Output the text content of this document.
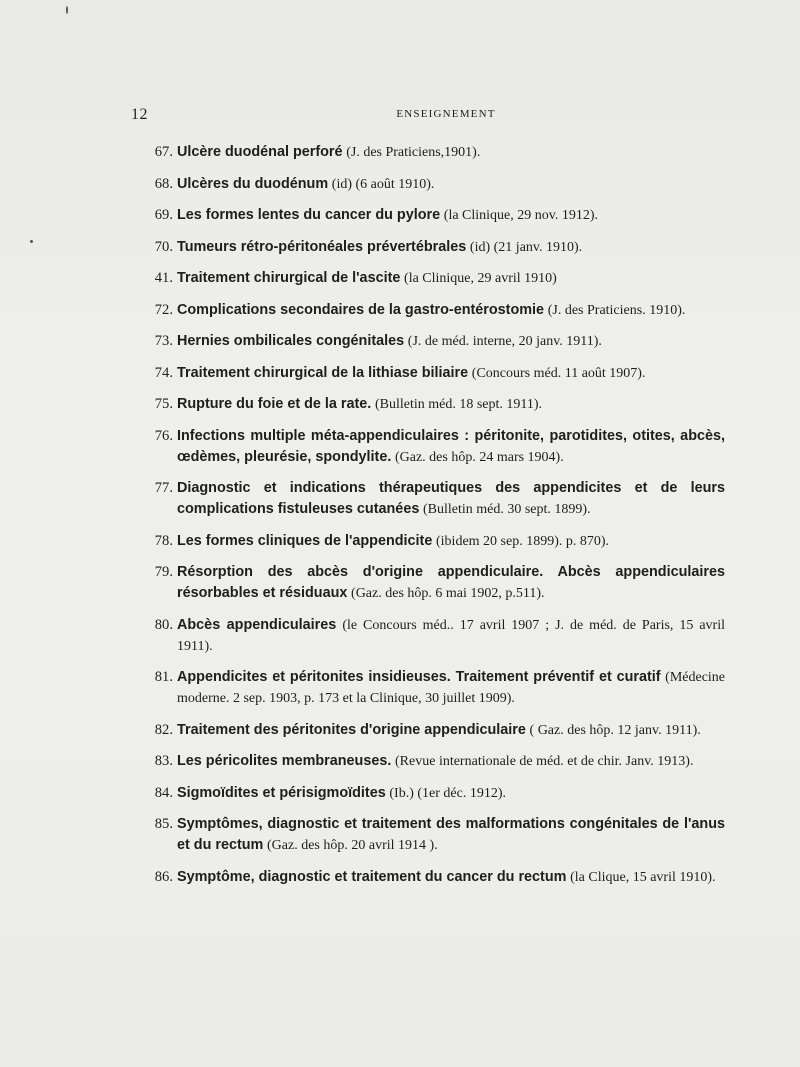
12	ENSEIGNEMENT
67. Ulcère duodénal perforé (J. des Praticiens,1901).
68. Ulcères du duodénum (id) (6 août 1910).
69. Les formes lentes du cancer du pylore (la Clinique, 29 nov. 1912).
70. Tumeurs rétro-péritonéales prévertébrales (id) (21 janv. 1910).
41. Traitement chirurgical de l'ascite (la Clinique, 29 avril 1910)
72. Complications secondaires de la gastro-entérostomie (J. des Praticiens. 1910).
73. Hernies ombilicales congénitales (J. de méd. interne, 20 janv. 1911).
74. Traitement chirurgical de la lithiase biliaire (Concours méd. 11 août 1907).
75. Rupture du foie et de la rate. (Bulletin méd. 18 sept. 1911).
76. Infections multiple méta-appendiculaires : péritonite, parotidites, otites, abcès, œdèmes, pleurésie, spondylite. (Gaz. des hôp. 24 mars 1904).
77. Diagnostic et indications thérapeutiques des appendicites et de leurs complications fistuleuses cutanées (Bulletin méd. 30 sept. 1899).
78. Les formes cliniques de l'appendicite (ibidem 20 sep. 1899). p. 870).
79. Résorption des abcès d'origine appendiculaire. Abcès appendiculaires résorbables et résiduaux (Gaz. des hôp. 6 mai 1902, p.511).
80. Abcès appendiculaires (le Concours méd.. 17 avril 1907 ; J. de méd. de Paris, 15 avril 1911).
81. Appendicites et péritonites insidieuses. Traitement préventif et curatif (Médecine moderne. 2 sep. 1903, p. 173 et la Clinique, 30 juillet 1909).
82. Traitement des péritonites d'origine appendiculaire ( Gaz. des hôp. 12 janv. 1911).
83. Les péricolites membraneuses. (Revue internationale de méd. et de chir. Janv. 1913).
84. Sigmoïdites et périsigmoïdites (Ib.) (1er déc. 1912).
85. Symptômes, diagnostic et traitement des malformations congénitales de l'anus et du rectum (Gaz. des hôp. 20 avril 1914 ).
86. Symptôme, diagnostic et traitement du cancer du rectum (la Clique, 15 avril 1910).
